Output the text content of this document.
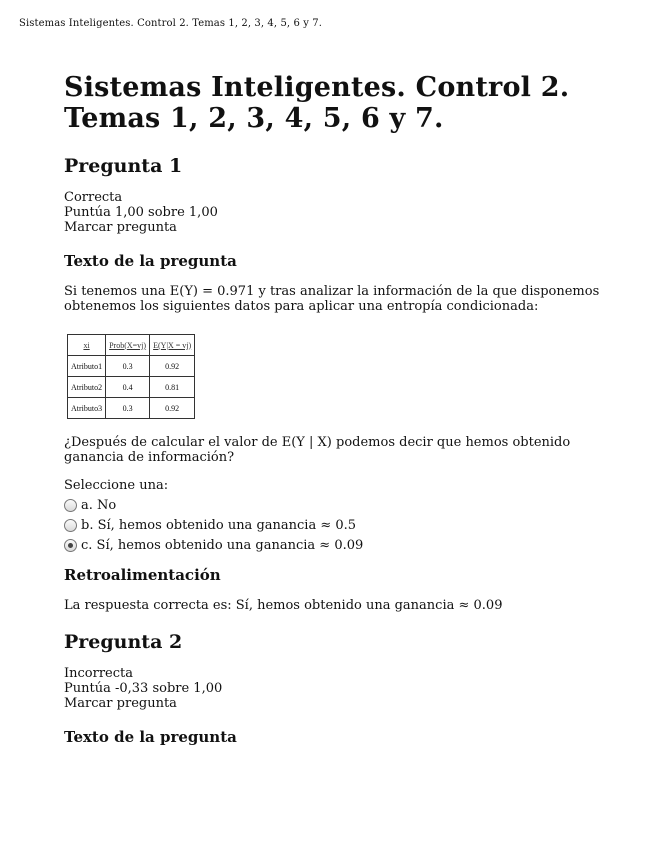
Sistemas Inteligentes. Control 2. Temas 1, 2, 3, 4, 5, 6 y 7.
Sistemas Inteligentes. Control 2.
Temas 1, 2, 3, 4, 5, 6 y 7.
Pregunta 1
Correcta
Puntúa 1,00 sobre 1,00
Marcar pregunta
Texto de la pregunta
Si tenemos una E(Y) = 0.971 y tras analizar la información de la que disponemos obtenemos los siguientes datos para aplicar una entropía condicionada:
xi	Prob(X=vj)	E(Y|X = vj)
Atributo1	0.3	0.92
Atributo2	0.4	0.81
Atributo3	0.3	0.92
¿Después de calcular el valor de E(Y | X) podemos decir que hemos obtenido ganancia de información?
Seleccione una:
a. No
b. Sí, hemos obtenido una ganancia ≈ 0.5
c. Sí, hemos obtenido una ganancia ≈ 0.09
Retroalimentación
La respuesta correcta es: Sí, hemos obtenido una ganancia ≈ 0.09
Pregunta 2
Incorrecta
Puntúa -0,33 sobre 1,00
Marcar pregunta
Texto de la pregunta
